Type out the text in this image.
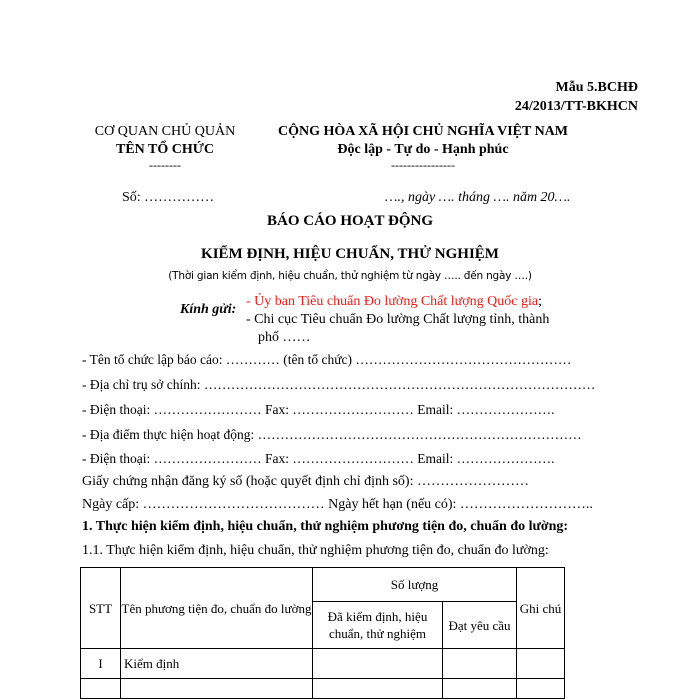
Mẫu 5.BCHĐ
24/2013/TT-BKHCN
CƠ QUAN CHỦ QUẢN
TÊN TỔ CHỨC
--------
CỘNG HÒA XÃ HỘI CHỦ NGHĨA VIỆT NAM
Độc lập - Tự do - Hạnh phúc
----------------
Số: ……………	…., ngày …. tháng …. năm 20….
BÁO CÁO HOẠT ĐỘNG
KIỂM ĐỊNH, HIỆU CHUẨN, THỬ NGHIỆM
(Thời gian kiểm định, hiệu chuẩn, thử nghiệm từ ngày ….. đến ngày ….)
Kính gửi:
- Ủy ban Tiêu chuẩn Đo lường Chất lượng Quốc gia;
- Chi cục Tiêu chuẩn Đo lường Chất lượng tỉnh, thành
phố ……
- Tên tổ chức lập báo cáo: ………… (tên tổ chức) …………………………………………
- Địa chỉ trụ sở chính: ……………………………………………………………………………
- Điện thoại: …………………… Fax: ……………………… Email: ………………….
- Địa điểm thực hiện hoạt động: ………………………………………………………………
- Điện thoại: …………………… Fax: ……………………… Email: ………………….
Giấy chứng nhận đăng ký số (hoặc quyết định chỉ định số): ……………………
Ngày cấp: ………………………………… Ngày hết hạn (nếu có): ………………………..
1. Thực hiện kiểm định, hiệu chuẩn, thử nghiệm phương tiện đo, chuẩn đo lường:
1.1. Thực hiện kiểm định, hiệu chuẩn, thử nghiệm phương tiện đo, chuẩn đo lường:
STT	Tên phương tiện đo, chuẩn đo lường	Số lượng		Ghi chú
		Đã kiểm định, hiệu chuẩn, thử nghiệm	Đạt yêu cầu	
I	Kiểm định			
